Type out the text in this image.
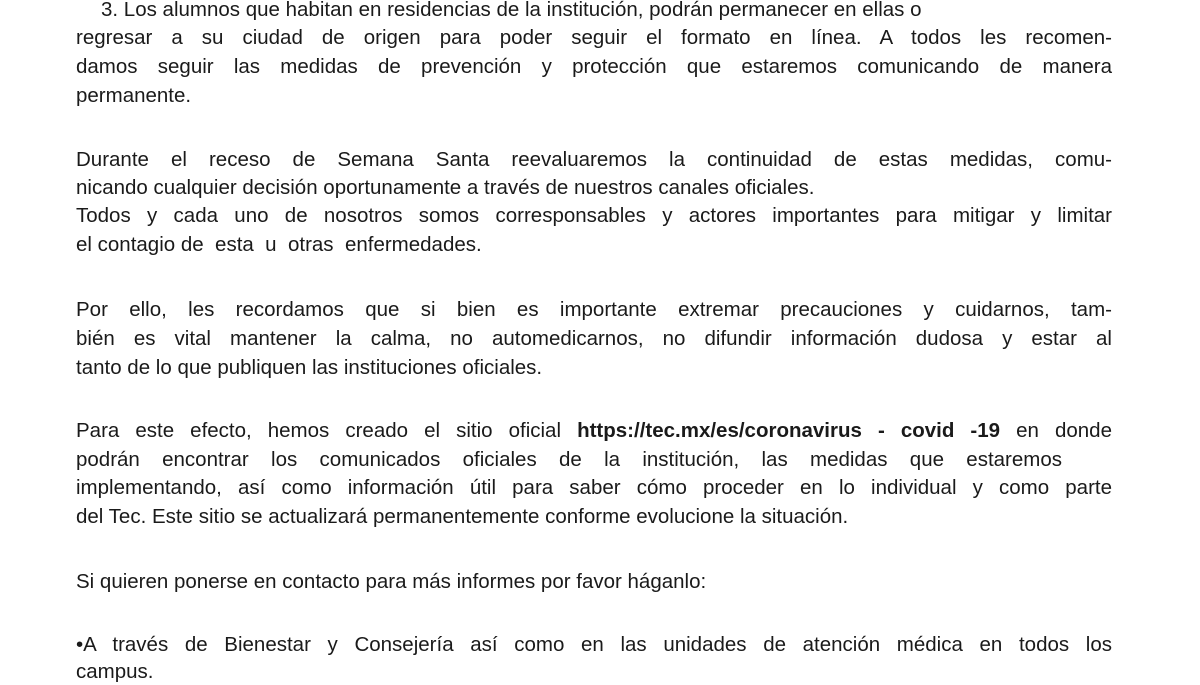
3. Los alumnos que habitan en residencias de la institución, podrán permanecer en ellas o
regresar a su ciudad de origen para poder seguir el formato en línea. A todos les recomen-
damos seguir las medidas de prevención y protección que estaremos comunicando de manera
permanente.
Durante el receso de Semana Santa reevaluaremos la continuidad de estas medidas, comu-
nicando cualquier decisión oportunamente a través de nuestros canales oficiales.
Todos y cada uno de nosotros somos corresponsables y actores importantes para mitigar y limitar
el contagio de  esta  u  otras  enfermedades.
Por ello, les recordamos que si bien es importante extremar precauciones y cuidarnos, tam-
bién es vital mantener la calma, no automedicarnos, no difundir información dudosa y estar al
tanto de lo que publiquen las instituciones oficiales.
Para este efecto, hemos creado el sitio oficial https://tec.mx/es/coronavirus - covid -19 en donde
podrán encontrar los comunicados oficiales de la institución, las medidas que estaremos
implementando, así como información útil para saber cómo proceder en lo individual y como parte
del Tec. Este sitio se actualizará permanentemente conforme evolucione la situación.
Si quieren ponerse en contacto para más informes por favor háganlo:
•A través de Bienestar y Consejería así como en las unidades de atención médica en todos los
campus.
